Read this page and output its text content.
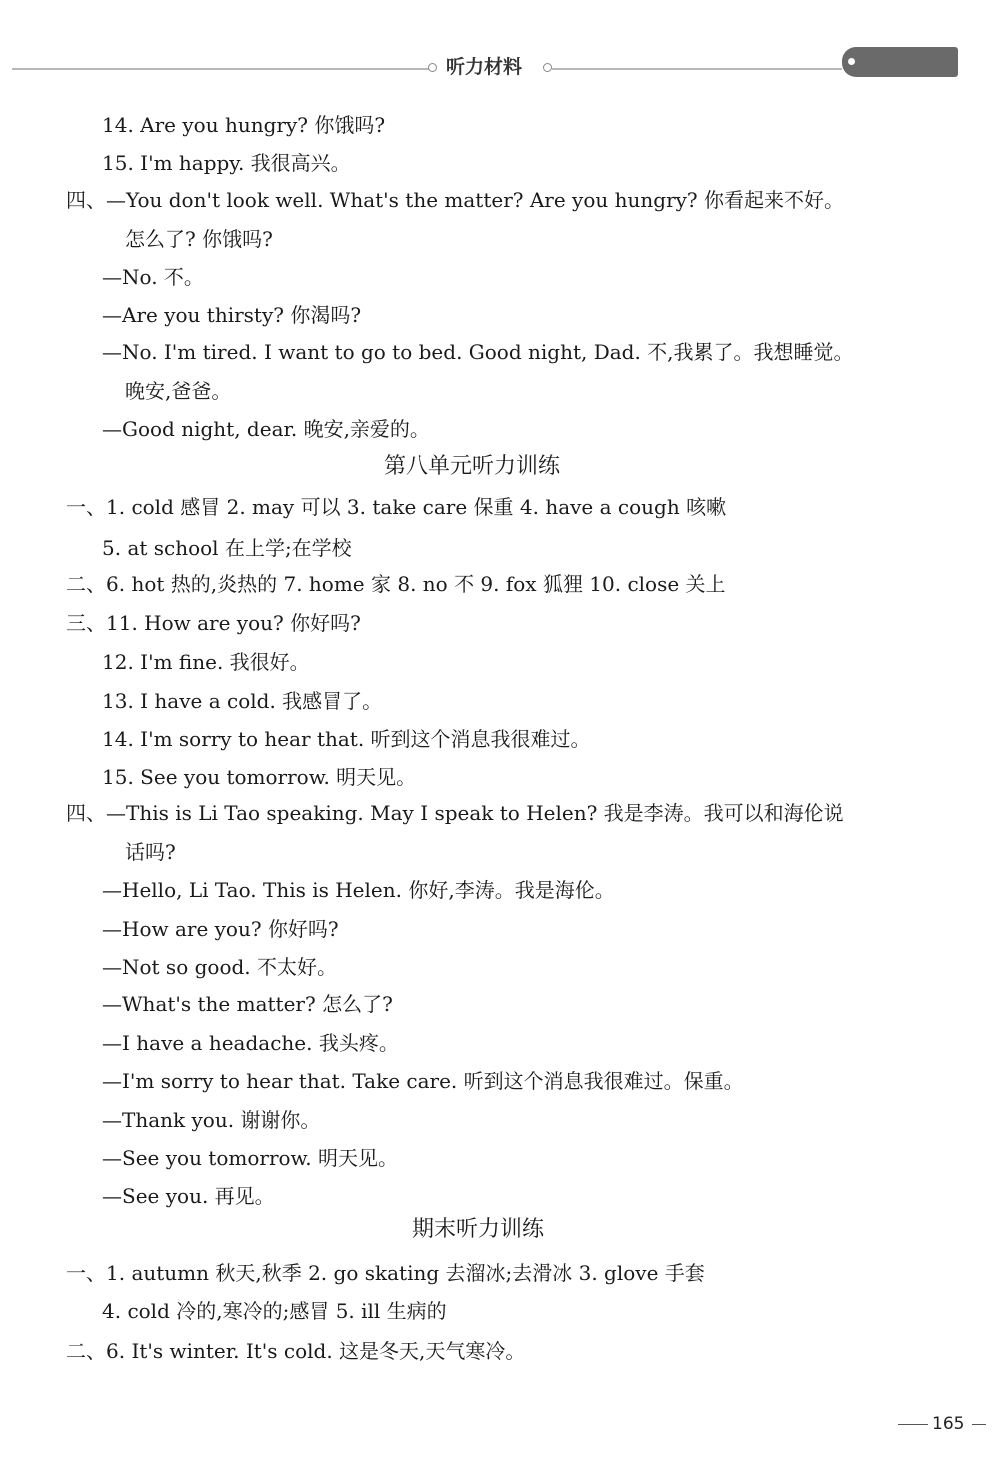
听力材料
14. Are you hungry? 你饿吗?
15. I'm happy. 我很高兴。
四、—You don't look well. What's the matter? Are you hungry? 你看起来不好。
怎么了? 你饿吗?
—No. 不。
—Are you thirsty? 你渴吗?
—No. I'm tired. I want to go to bed. Good night, Dad. 不,我累了。我想睡觉。
晚安,爸爸。
—Good night, dear. 晚安,亲爱的。
第八单元听力训练
一、1. cold 感冒 2. may 可以 3. take care 保重 4. have a cough 咳嗽
5. at school 在上学;在学校
二、6. hot 热的,炎热的 7. home 家 8. no 不 9. fox 狐狸 10. close 关上
三、11. How are you? 你好吗?
12. I'm fine. 我很好。
13. I have a cold. 我感冒了。
14. I'm sorry to hear that. 听到这个消息我很难过。
15. See you tomorrow. 明天见。
四、—This is Li Tao speaking. May I speak to Helen? 我是李涛。我可以和海伦说
话吗?
—Hello, Li Tao. This is Helen. 你好,李涛。我是海伦。
—How are you? 你好吗?
—Not so good. 不太好。
—What's the matter? 怎么了?
—I have a headache. 我头疼。
—I'm sorry to hear that. Take care. 听到这个消息我很难过。保重。
—Thank you. 谢谢你。
—See you tomorrow. 明天见。
—See you. 再见。
期末听力训练
一、1. autumn 秋天,秋季 2. go skating 去溜冰;去滑冰 3. glove 手套
4. cold 冷的,寒冷的;感冒 5. ill 生病的
二、6. It's winter. It's cold. 这是冬天,天气寒冷。
165
